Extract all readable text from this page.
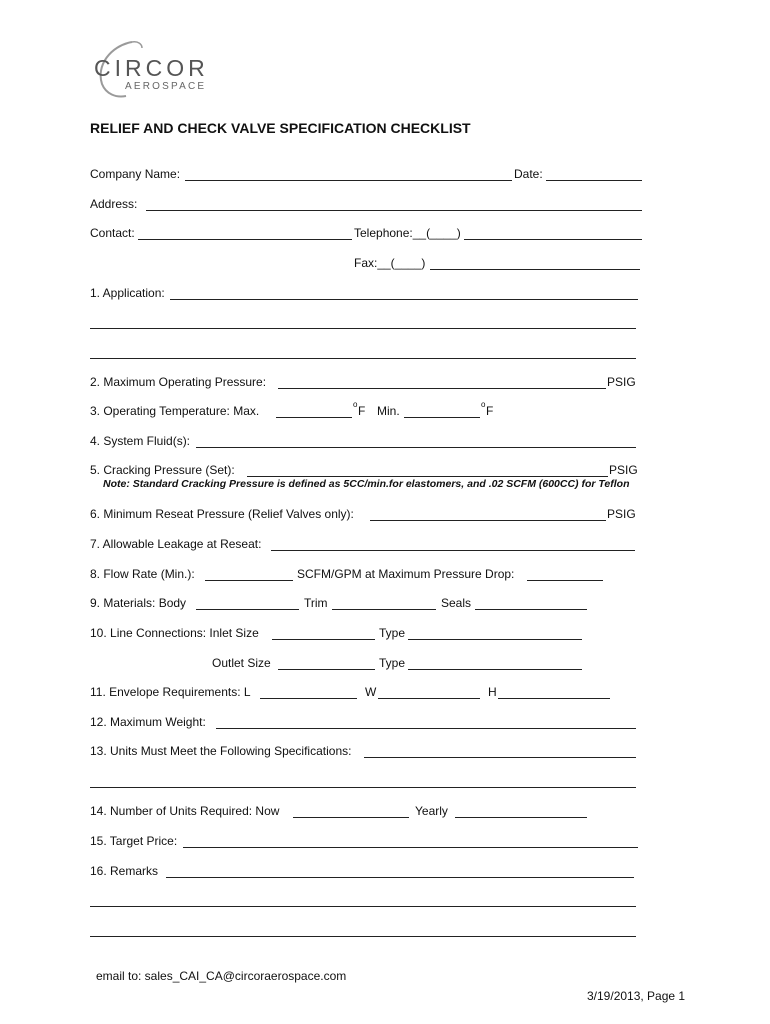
CIRCOR
AEROSPACE
RELIEF AND CHECK VALVE SPECIFICATION CHECKLIST
Company Name:	Date:
Address:
Contact:	Telephone:__(____)
Fax:__(____)
1. Application:
2. Maximum Operating Pressure:	PSIG
3. Operating Temperature: Max.	o F Min.	o F
4. System Fluid(s):
5. Cracking Pressure (Set):	PSIG
Note: Standard Cracking Pressure is defined as 5CC/min.for elastomers, and .02 SCFM (600CC) for Teflon
6. Minimum Reseat Pressure (Relief Valves only):	PSIG
7. Allowable Leakage at Reseat:
8. Flow Rate (Min.):	SCFM/GPM at Maximum Pressure Drop:
9. Materials: Body	Trim	Seals
10. Line Connections: Inlet Size	Type
Outlet Size	Type
11. Envelope Requirements: L	W	H
12. Maximum Weight:
13. Units Must Meet the Following Specifications:
14. Number of Units Required: Now	Yearly
15. Target Price:
16. Remarks
email to: sales_CAI_CA@circoraerospace.com
3/19/2013, Page 1
